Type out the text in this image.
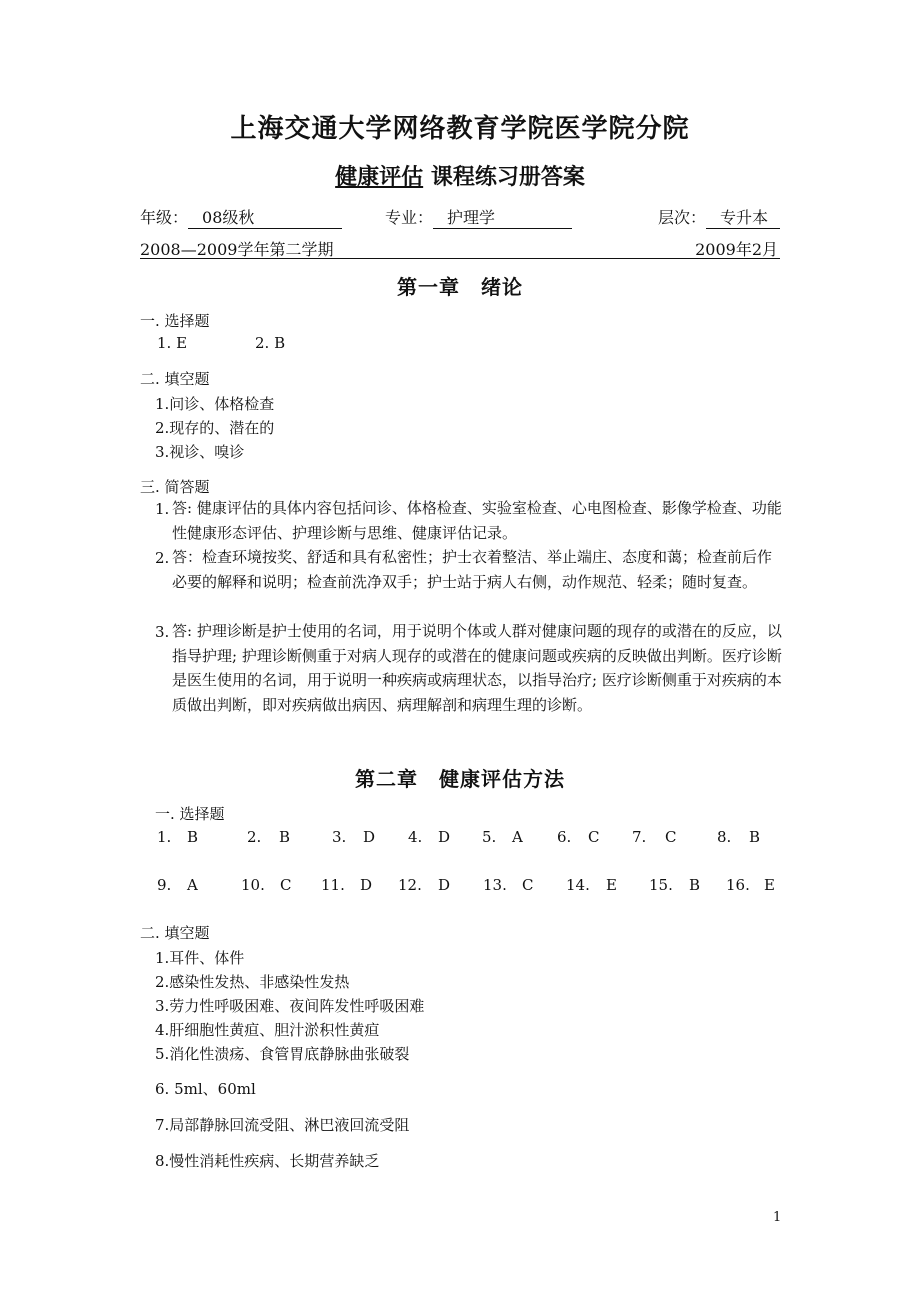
上海交通大学网络教育学院医学院分院
健康评估 课程练习册答案
年级： 08级秋	专业： 护理学	层次： 专升本
2008—2009学年第二学期	2009年2月
第一章　绪论
一. 选择题
1. E	2. B
二. 填空题
1.问诊、体格检查
2.现存的、潜在的
3.视诊、嗅诊
三. 简答题
1. 答: 健康评估的具体内容包括问诊、体格检查、实验室检查、心电图检查、影像学检查、功能性健康形态评估、护理诊断与思维、健康评估记录。
2. 答：检查环境按奖、舒适和具有私密性；护士衣着整洁、举止端庄、态度和蔼；检查前后作必要的解释和说明；检查前洗净双手；护士站于病人右侧，动作规范、轻柔；随时复查。
3. 答: 护理诊断是护士使用的名词，用于说明个体或人群对健康问题的现存的或潜在的反应，以指导护理; 护理诊断侧重于对病人现存的或潜在的健康问题或疾病的反映做出判断。医疗诊断是医生使用的名词，用于说明一种疾病或病理状态，以指导治疗; 医疗诊断侧重于对疾病的本质做出判断，即对疾病做出病因、病理解剖和病理生理的诊断。
第二章　健康评估方法
一. 选择题
1. B	2. B	3. D 4. D 5. A 6. C 7. C	8. B
9. A	10. C 11. D 12. D 13. C 14. E 15. B 16. E
二. 填空题
1.耳件、体件
2.感染性发热、非感染性发热
3.劳力性呼吸困难、夜间阵发性呼吸困难
4.肝细胞性黄疸、胆汁淤积性黄疸
5.消化性溃疡、食管胃底静脉曲张破裂
6. 5ml、60ml
7.局部静脉回流受阻、淋巴液回流受阻
8.慢性消耗性疾病、长期营养缺乏
1
